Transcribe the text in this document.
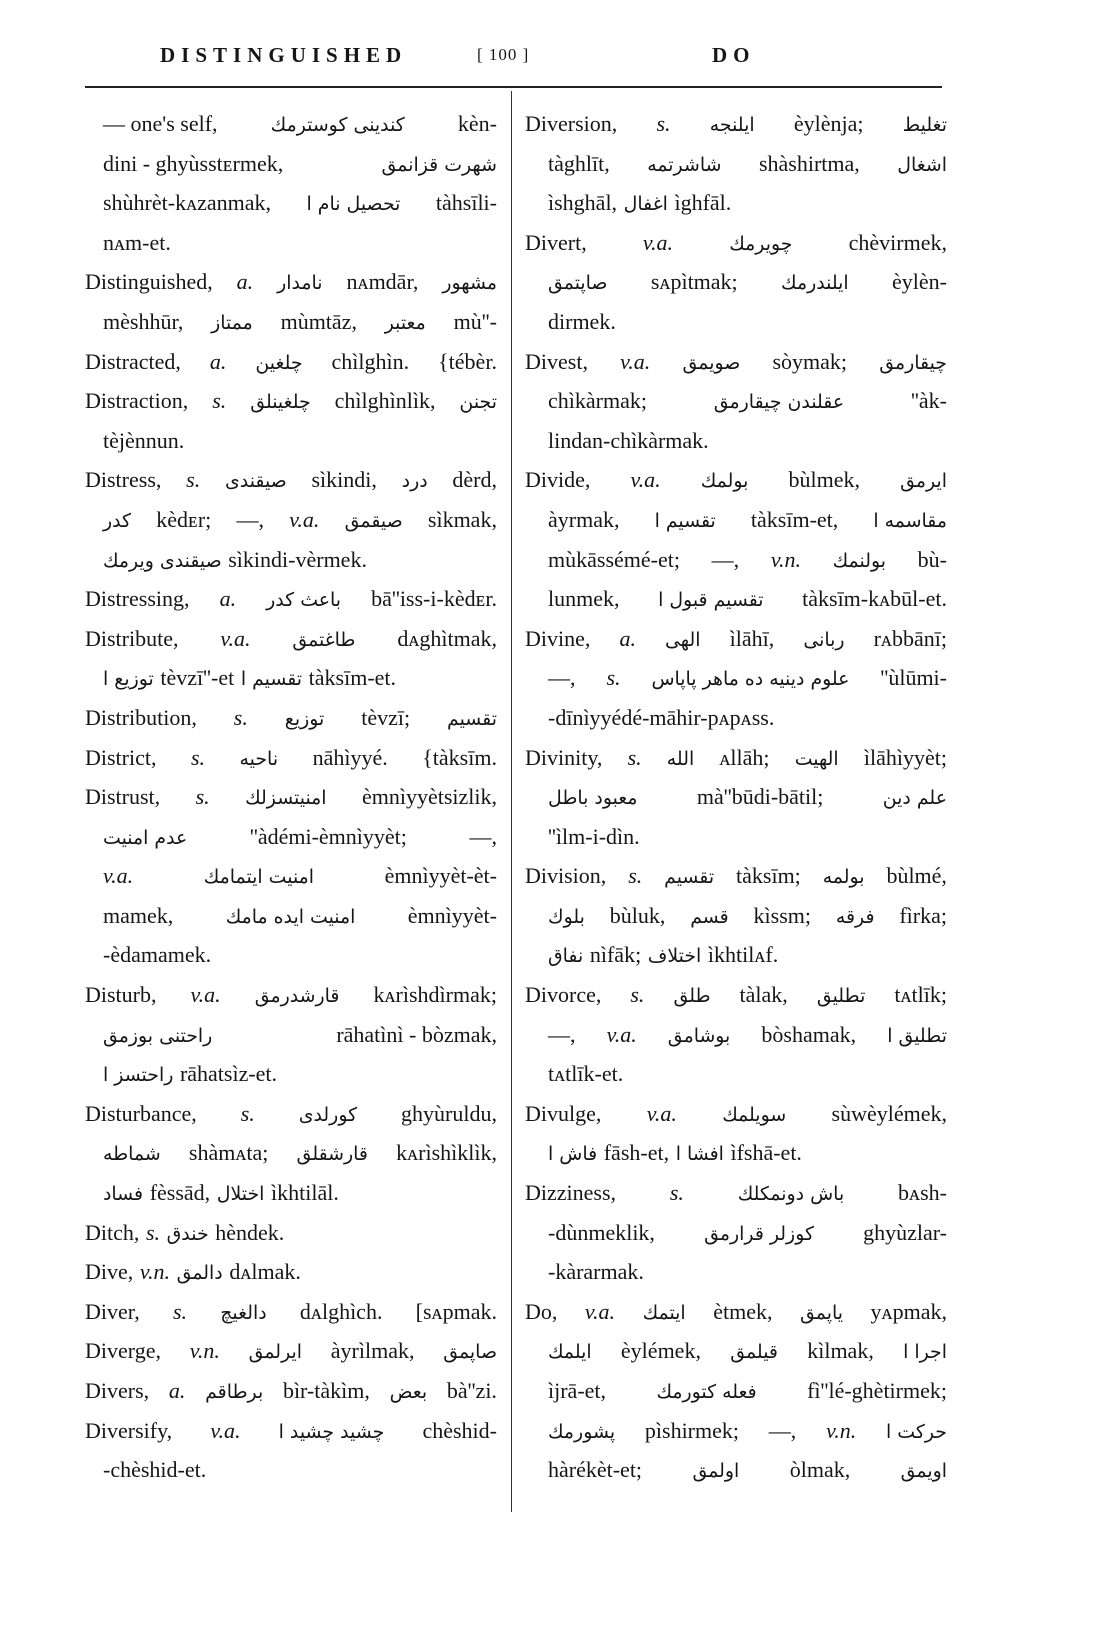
DISTINGUISHED	[ 100 ]	DO
— one's self,	كندینی كوسترمك kèn-
dini - ghyùsstᴇrmek,	شهرت قزانمق
shùhrèt-kᴀzanmak, تحصیل نام ا tàhsīli-
nᴀm-et.
Distinguished, a. نامدار nᴀmdār, مشهور
mèshhūr, ممتاز mùmtāz, معتبر mù''-
Distracted, a. چلغین chìlghìn. {tébèr.
Distraction, s. چلغینلق chìlghìnlìk, تجنن
tèjènnun.
Distress, s. صیقندی sìkindi, درد dèrd,
كدر kèdᴇr; —, v.a. صیقمق sìkmak,
صیقندی ویرمك sìkindi-vèrmek.
Distressing, a. باعث كدر bā''iss-i-kèdᴇr.
Distribute, v.a. طاغتمق dᴀghìtmak,
توزیع ا tèvzī''-et تقسیم ا tàksīm-et.
Distribution, s. توزیع tèvzī; تقسیم
District, s. ناحیه nāhìyyé. {tàksīm.
Distrust, s. امنیتسزلك èmnìyyètsizlik,
عدم امنیت	''àdémi-èmnìyyèt;	—,
v.a.	امنیت ایتمامك	èmnìyyèt-èt-
mamek,	امنیت ایده مامك èmnìyyèt-
-èdamamek.
Disturb, v.a. قارشدرمق kᴀrìshdìrmak;
راحتنی بوزمق	rāhatìnì - bòzmak,
راحتسز ا rāhatsìz-et.
Disturbance, s. كورلدی ghyùruldu,
شماطه shàmᴀta; قارشقلق kᴀrìshìklìk,
فساد fèssād, اختلال ìkhtilāl.
Ditch, s. خندق hèndek.
Dive, v.n. دالمق dᴀlmak.
Diver, s. دالغیچ dᴀlghìch. [sᴀpmak.
Diverge, v.n. ایرلمق àyrìlmak, صاپمق
Divers, a. برطاقم bìr-tàkìm, بعض bà''zi.
Diversify, v.a. چشید چشید ا chèshid-
-chèshid-et.
Diversion, s. ایلنجه èylènja; تغلیط
tàghlīt, شاشرتمه shàshirtma, اشغال
ìshghāl, اغفال ìghfāl.
Divert,	v.a.	چویرمك	chèvirmek,
صاپتمق sᴀpìtmak; ایلندرمك èylèn-
dirmek.
Divest, v.a. صویمق sòymak; چیقارمق
chìkàrmak;	عقلندن چیقارمق	''àk-
lindan-chìkàrmak.
Divide, v.a. بولمك bùlmek, ایرمق
àyrmak, تقسیم ا tàksīm-et, مقاسمه ا
mùkāssémé-et; —, v.n. بولنمك bù-
lunmek, تقسیم قبول ا tàksīm-kᴀbūl-et.
Divine, a. الهی ìlāhī, ربانی rᴀbbānī;
—, s. علوم دینیه ده ماهر پاپاس ''ùlūmi-
-dīnìyyédé-māhir-pᴀpᴀss.
Divinity, s. الله ᴀllāh; الهیت ìlāhìyyèt;
معبود باطل	mà''būdi-bātil;	علم دین
''ìlm-i-dìn.
Division, s. تقسیم tàksīm; بولمه bùlmé,
بلوك bùluk, قسم kìssm; فرقه fìrka;
نفاق nìfāk; اختلاف ìkhtilᴀf.
Divorce, s. طلق tàlak, تطلیق tᴀtlīk;
—, v.a. بوشامق bòshamak, تطلیق ا
tᴀtlīk-et.
Divulge, v.a. سویلمك sùwèylémek,
فاش ا fāsh-et, افشا ا ìfshā-et.
Dizziness, s.	باش دونمكلك bᴀsh-
-dùnmeklik,	كوزلر قرارمق ghyùzlar-
-kàrarmak.
Do, v.a. ایتمك ètmek, یاپمق yᴀpmak,
ایلمك èylémek, قیلمق kìlmak, اجرا ا
ìjrā-et,	فعله كتورمك fì''lé-ghètirmek;
پشورمك pìshirmek; —, v.n. حركت ا
hàrékèt-et;	اولمق òlmak,	اویمق
